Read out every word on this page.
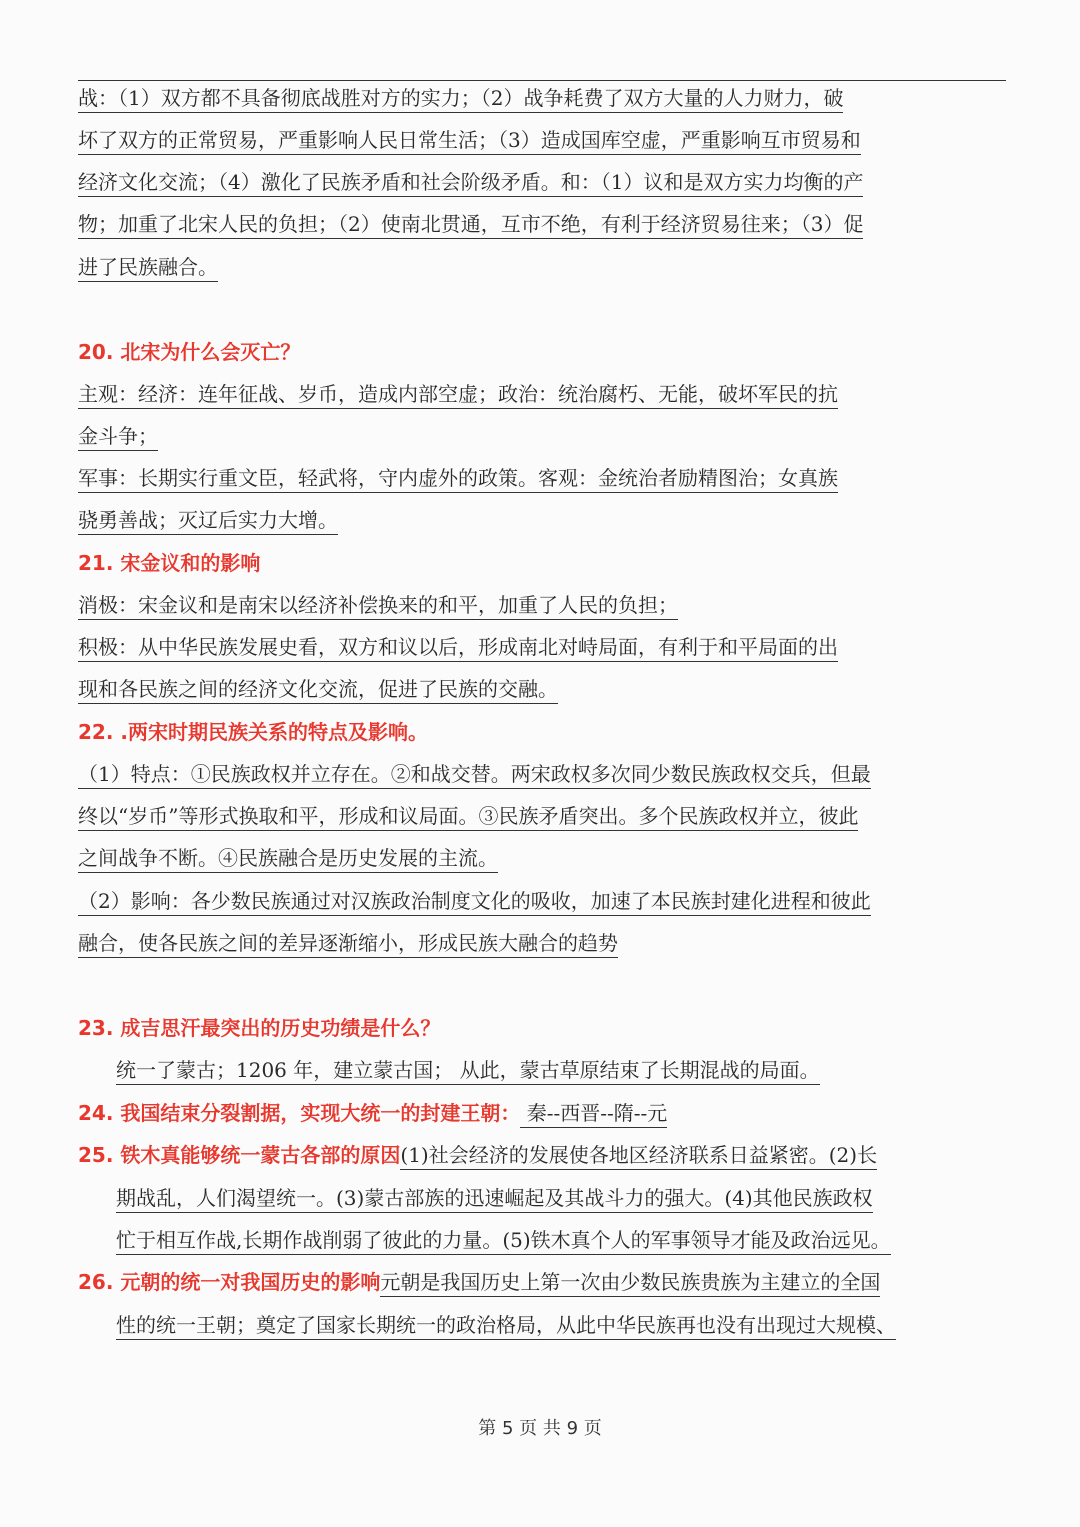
战：（1）双方都不具备彻底战胜对方的实力；（2）战争耗费了双方大量的人力财力，破
坏了双方的正常贸易，严重影响人民日常生活；（3）造成国库空虚，严重影响互市贸易和
经济文化交流；（4）激化了民族矛盾和社会阶级矛盾。和：（1）议和是双方实力均衡的产
物；加重了北宋人民的负担；（2）使南北贯通，互市不绝，有利于经济贸易往来；（3）促
进了民族融合。
20. 北宋为什么会灭亡？
主观：经济：连年征战、岁币，造成内部空虚；政治：统治腐朽、无能，破坏军民的抗
金斗争；
军事：长期实行重文臣，轻武将，守内虚外的政策。客观：金统治者励精图治；女真族
骁勇善战；灭辽后实力大增。
21. 宋金议和的影响
消极：宋金议和是南宋以经济补偿换来的和平，加重了人民的负担；
积极：从中华民族发展史看，双方和议以后，形成南北对峙局面，有利于和平局面的出
现和各民族之间的经济文化交流，促进了民族的交融。
22. .两宋时期民族关系的特点及影响。
（1）特点：①民族政权并立存在。②和战交替。两宋政权多次同少数民族政权交兵，但最
终以“岁币”等形式换取和平，形成和议局面。③民族矛盾突出。多个民族政权并立，彼此
之间战争不断。④民族融合是历史发展的主流。
（2）影响：各少数民族通过对汉族政治制度文化的吸收，加速了本民族封建化进程和彼此
融合，使各民族之间的差异逐渐缩小，形成民族大融合的趋势
23. 成吉思汗最突出的历史功绩是什么？
统一了蒙古；1206 年，建立蒙古国； 从此，蒙古草原结束了长期混战的局面。
24. 我国结束分裂割据，实现大统一的封建王朝： 秦--西晋--隋--元
25. 铁木真能够统一蒙古各部的原因(1)社会经济的发展使各地区经济联系日益紧密。(2)长
期战乱，人们渴望统一。(3)蒙古部族的迅速崛起及其战斗力的强大。(4)其他民族政权
忙于相互作战,长期作战削弱了彼此的力量。(5)铁木真个人的军事领导才能及政治远见。
26. 元朝的统一对我国历史的影响元朝是我国历史上第一次由少数民族贵族为主建立的全国
性的统一王朝；奠定了国家长期统一的政治格局，从此中华民族再也没有出现过大规模、
第 5 页 共 9 页
